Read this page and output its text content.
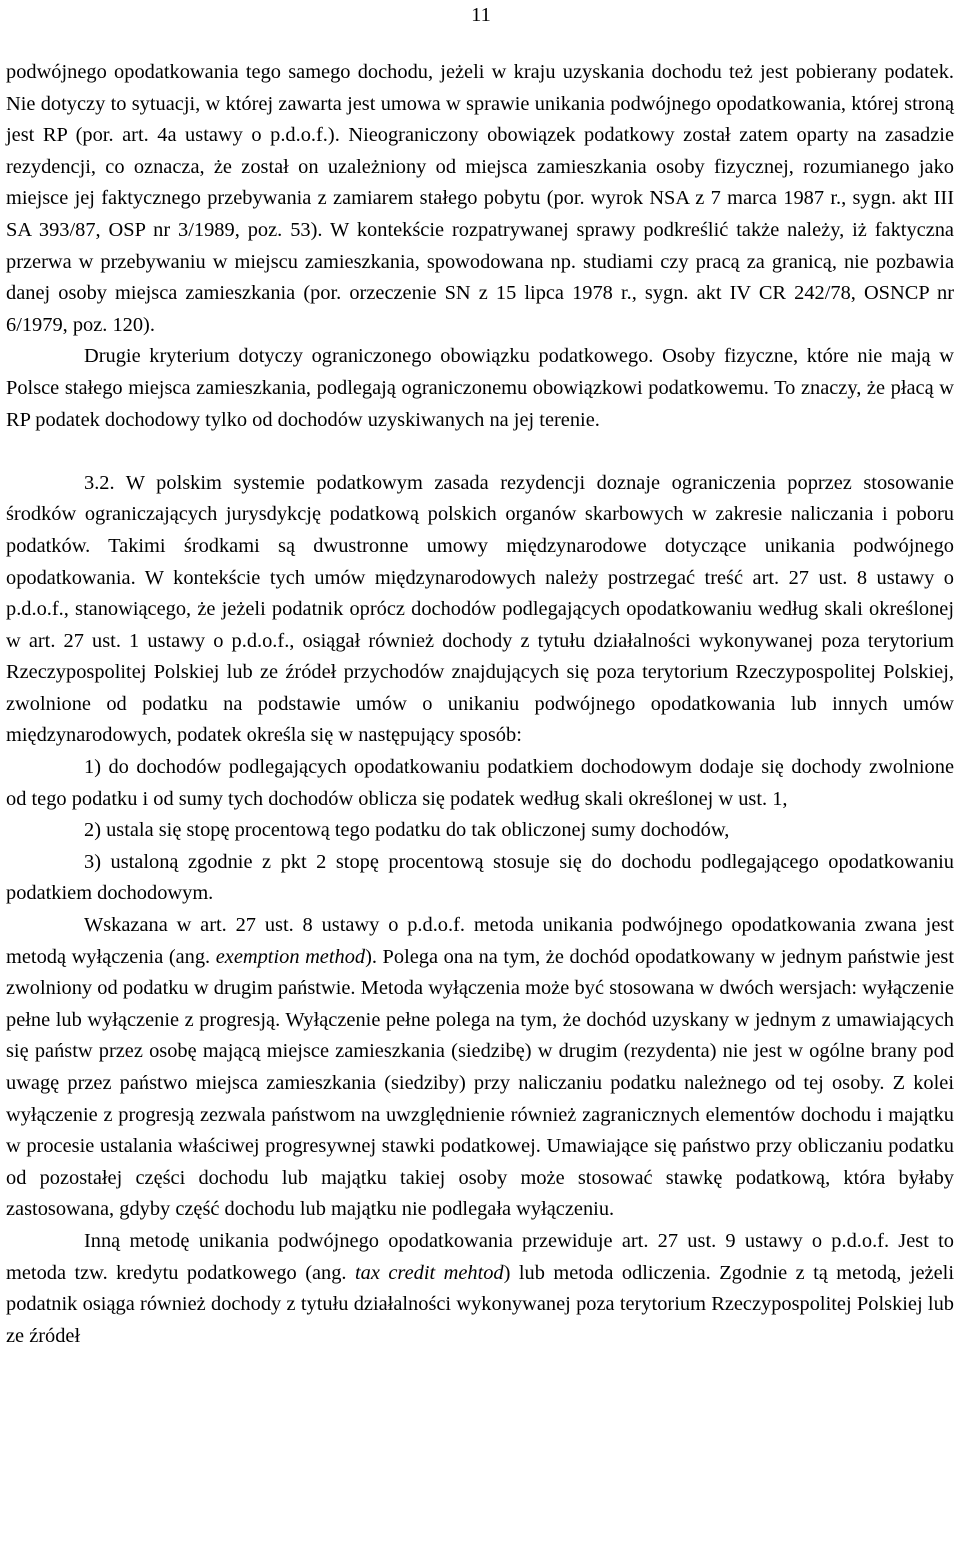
11

podwójnego opodatkowania tego samego dochodu, jeżeli w kraju uzyskania dochodu też jest pobierany podatek. Nie dotyczy to sytuacji, w której zawarta jest umowa w sprawie unikania podwójnego opodatkowania, której stroną jest RP (por. art. 4a ustawy o p.d.o.f.). Nieograniczony obowiązek podatkowy został zatem oparty na zasadzie rezydencji, co oznacza, że został on uzależniony od miejsca zamieszkania osoby fizycznej, rozumianego jako miejsce jej faktycznego przebywania z zamiarem stałego pobytu (por. wyrok NSA z 7 marca 1987 r., sygn. akt III SA 393/87, OSP nr 3/1989, poz. 53). W kontekście rozpatrywanej sprawy podkreślić także należy, iż faktyczna przerwa w przebywaniu w miejscu zamieszkania, spowodowana np. studiami czy pracą za granicą, nie pozbawia danej osoby miejsca zamieszkania (por. orzeczenie SN z 15 lipca 1978 r., sygn. akt IV CR 242/78, OSNCP nr 6/1979, poz. 120).

Drugie kryterium dotyczy ograniczonego obowiązku podatkowego. Osoby fizyczne, które nie mają w Polsce stałego miejsca zamieszkania, podlegają ograniczonemu obowiązkowi podatkowemu. To znaczy, że płacą w RP podatek dochodowy tylko od dochodów uzyskiwanych na jej terenie.

3.2. W polskim systemie podatkowym zasada rezydencji doznaje ograniczenia poprzez stosowanie środków ograniczających jurysdykcję podatkową polskich organów skarbowych w zakresie naliczania i poboru podatków. Takimi środkami są dwustronne umowy międzynarodowe dotyczące unikania podwójnego opodatkowania. W kontekście tych umów międzynarodowych należy postrzegać treść art. 27 ust. 8 ustawy o p.d.o.f., stanowiącego, że jeżeli podatnik oprócz dochodów podlegających opodatkowaniu według skali określonej w art. 27 ust. 1 ustawy o p.d.o.f., osiągał również dochody z tytułu działalności wykonywanej poza terytorium Rzeczypospolitej Polskiej lub ze źródeł przychodów znajdujących się poza terytorium Rzeczypospolitej Polskiej, zwolnione od podatku na podstawie umów o unikaniu podwójnego opodatkowania lub innych umów międzynarodowych, podatek określa się w następujący sposób:

1) do dochodów podlegających opodatkowaniu podatkiem dochodowym dodaje się dochody zwolnione od tego podatku i od sumy tych dochodów oblicza się podatek według skali określonej w ust. 1,

2) ustala się stopę procentową tego podatku do tak obliczonej sumy dochodów,

3) ustaloną zgodnie z pkt 2 stopę procentową stosuje się do dochodu podlegającego opodatkowaniu podatkiem dochodowym.

Wskazana w art. 27 ust. 8 ustawy o p.d.o.f. metoda unikania podwójnego opodatkowania zwana jest metodą wyłączenia (ang. exemption method). Polega ona na tym, że dochód opodatkowany w jednym państwie jest zwolniony od podatku w drugim państwie. Metoda wyłączenia może być stosowana w dwóch wersjach: wyłączenie pełne lub wyłączenie z progresją. Wyłączenie pełne polega na tym, że dochód uzyskany w jednym z umawiających się państw przez osobę mającą miejsce zamieszkania (siedzibę) w drugim (rezydenta) nie jest w ogólne brany pod uwagę przez państwo miejsca zamieszkania (siedziby) przy naliczaniu podatku należnego od tej osoby. Z kolei wyłączenie z progresją zezwala państwom na uwzględnienie również zagranicznych elementów dochodu i majątku w procesie ustalania właściwej progresywnej stawki podatkowej. Umawiające się państwo przy obliczaniu podatku od pozostałej części dochodu lub majątku takiej osoby może stosować stawkę podatkową, która byłaby zastosowana, gdyby część dochodu lub majątku nie podlegała wyłączeniu.

Inną metodę unikania podwójnego opodatkowania przewiduje art. 27 ust. 9 ustawy o p.d.o.f. Jest to metoda tzw. kredytu podatkowego (ang. tax credit mehtod) lub metoda odliczenia. Zgodnie z tą metodą, jeżeli podatnik osiąga również dochody z tytułu działalności wykonywanej poza terytorium Rzeczypospolitej Polskiej lub ze źródeł
